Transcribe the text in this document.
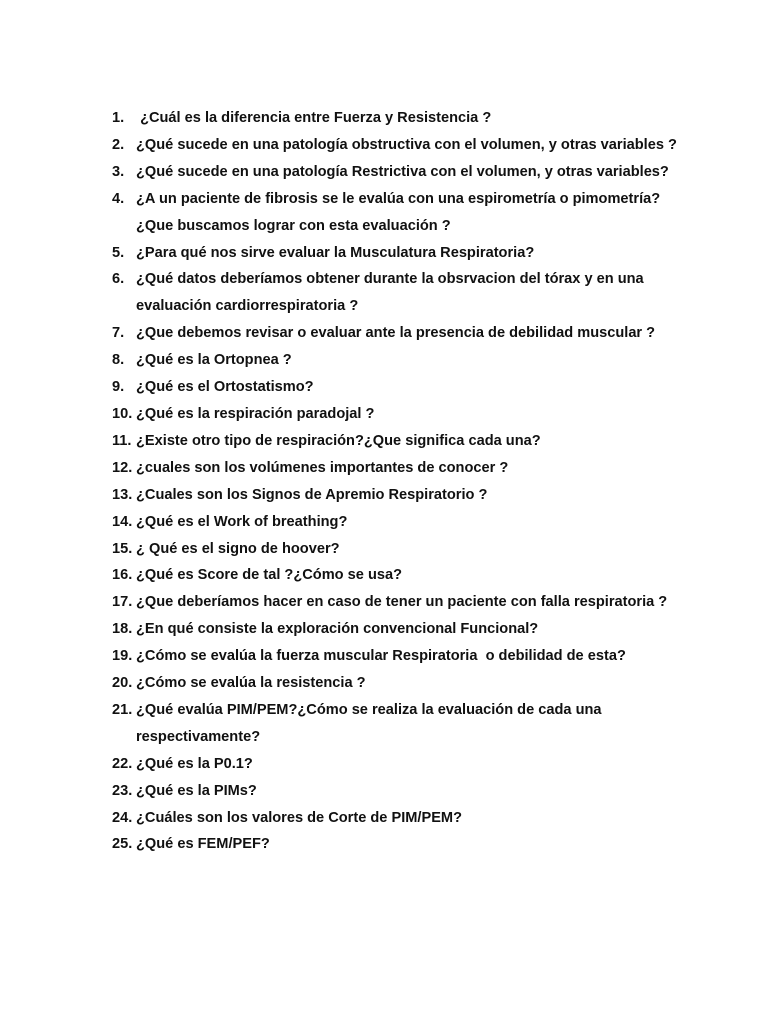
1. ¿Cuál es la diferencia entre Fuerza y Resistencia ?
2. ¿Qué sucede en una patología obstructiva con el volumen, y otras variables ?
3. ¿Qué sucede en una patología Restrictiva con el volumen, y otras variables?
4. ¿A un paciente de fibrosis se le evalúa con una espirometría o pimometría?¿Que buscamos lograr con esta evaluación ?
5. ¿Para qué nos sirve evaluar la Musculatura Respiratoria?
6. ¿Qué datos deberíamos obtener durante la obsrvacion del tórax y en una evaluación cardiorrespiratoria ?
7. ¿Que debemos revisar o evaluar ante la presencia de debilidad muscular ?
8. ¿Qué es la Ortopnea ?
9. ¿Qué es el Ortostatismo?
10. ¿Qué es la respiración paradojal ?
11. ¿Existe otro tipo de respiración?¿Que significa cada una?
12. ¿cuales son los volúmenes importantes de conocer ?
13. ¿Cuales son los Signos de Apremio Respiratorio ?
14. ¿Qué es el Work of breathing?
15. ¿ Qué es el signo de hoover?
16. ¿Qué es Score de tal ?¿Cómo se usa?
17. ¿Que deberíamos hacer en caso de tener un paciente con falla respiratoria ?
18. ¿En qué consiste la exploración convencional Funcional?
19. ¿Cómo se evalúa la fuerza muscular Respiratoria  o debilidad de esta?
20. ¿Cómo se evalúa la resistencia ?
21. ¿Qué evalúa PIM/PEM?¿Cómo se realiza la evaluación de cada una respectivamente?
22. ¿Qué es la P0.1?
23. ¿Qué es la PIMs?
24. ¿Cuáles son los valores de Corte de PIM/PEM?
25. ¿Qué es FEM/PEF?
